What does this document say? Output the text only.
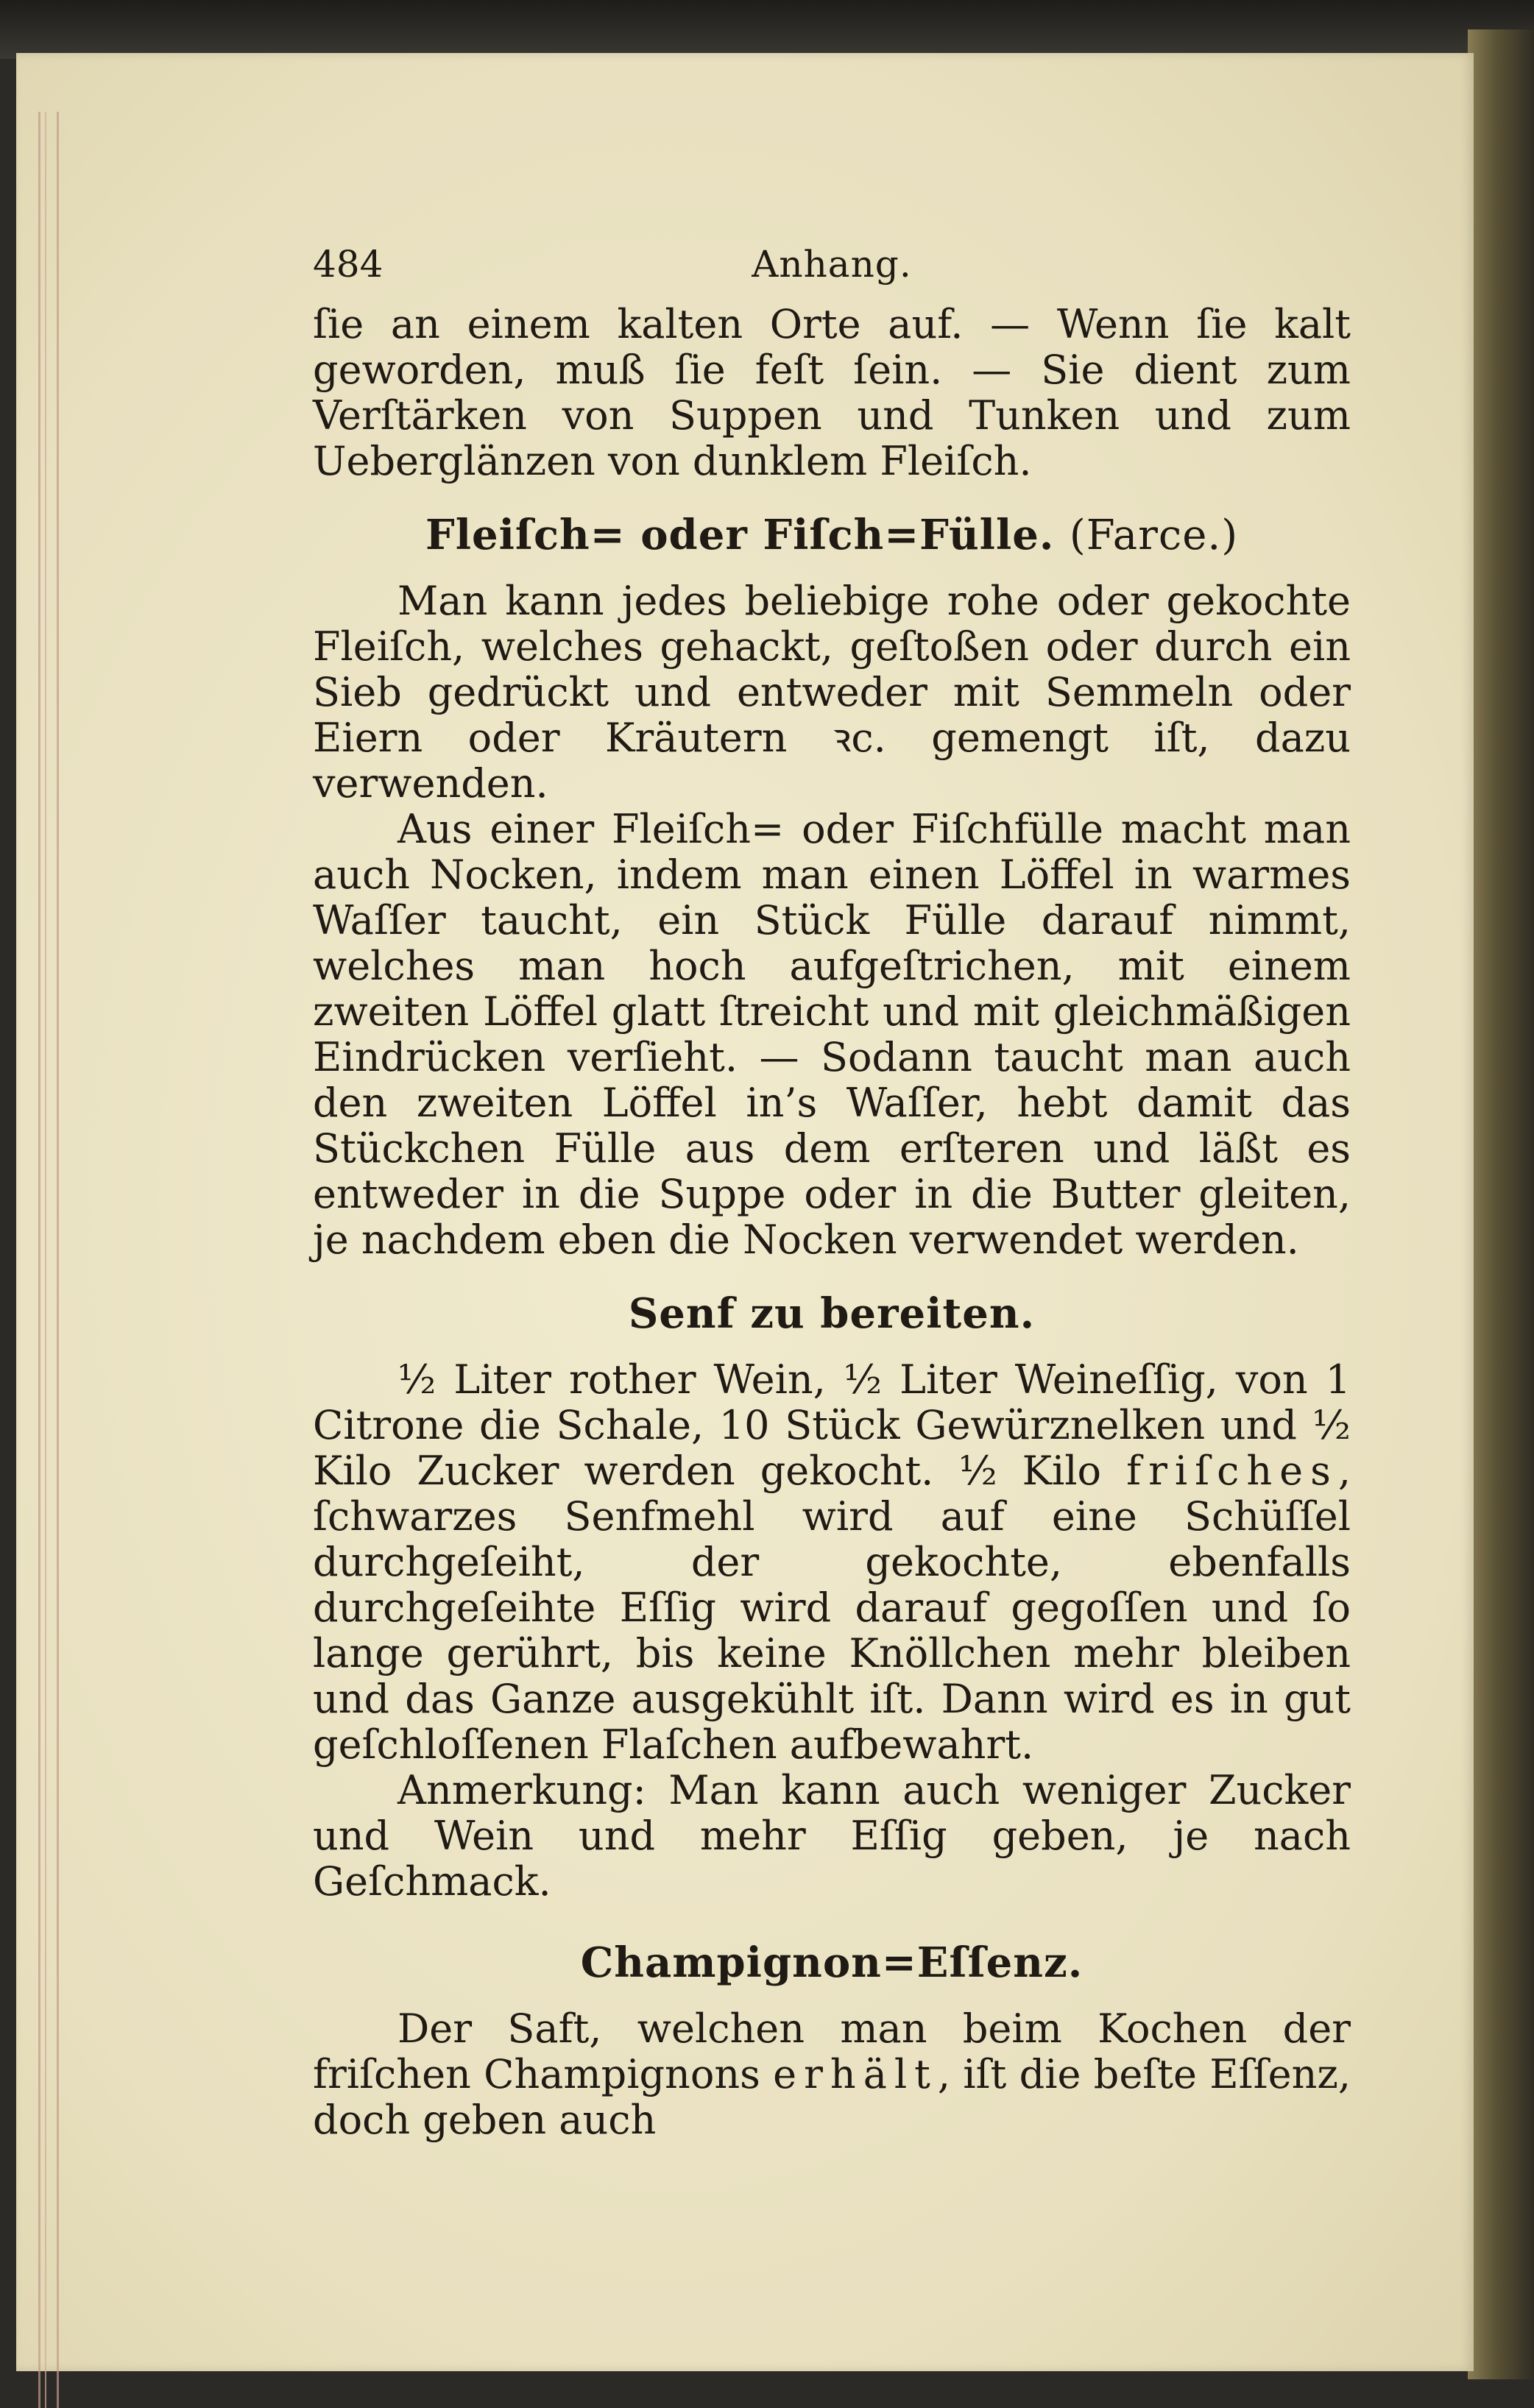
484	Anhang.

ſie an einem kalten Orte auf. — Wenn ſie kalt geworden, muß ſie feſt ſein. — Sie dient zum Verſtärken von Suppen und Tunken und zum Ueberglänzen von dunklem Fleiſch.

Fleiſch= oder Fiſch=Fülle. (Farce.)

Man kann jedes beliebige rohe oder gekochte Fleiſch, welches gehackt, geſtoßen oder durch ein Sieb gedrückt und entweder mit Semmeln oder Eiern oder Kräutern ꝛc. gemengt iſt, dazu verwenden.

Aus einer Fleiſch= oder Fiſchfülle macht man auch Nocken, indem man einen Löffel in warmes Waſſer taucht, ein Stück Fülle darauf nimmt, welches man hoch aufgeſtrichen, mit einem zweiten Löffel glatt ſtreicht und mit gleichmäßigen Eindrücken verſieht. — Sodann taucht man auch den zweiten Löffel in’s Waſſer, hebt damit das Stückchen Fülle aus dem erſteren und läßt es entweder in die Suppe oder in die Butter gleiten, je nachdem eben die Nocken verwendet werden.

Senf zu bereiten.

½ Liter rother Wein, ½ Liter Weineſſig, von 1 Citrone die Schale, 10 Stück Gewürznelken und ½ Kilo Zucker werden gekocht. ½ Kilo friſches, ſchwarzes Senfmehl wird auf eine Schüſſel durchgeſeiht, der gekochte, ebenfalls durchgeſeihte Eſſig wird darauf gegoſſen und ſo lange gerührt, bis keine Knöllchen mehr bleiben und das Ganze ausgekühlt iſt. Dann wird es in gut geſchloſſenen Flaſchen aufbewahrt.

Anmerkung: Man kann auch weniger Zucker und Wein und mehr Eſſig geben, je nach Geſchmack.

Champignon=Eſſenz.

Der Saft, welchen man beim Kochen der friſchen Champignons erhält, iſt die beſte Eſſenz, doch geben auch
